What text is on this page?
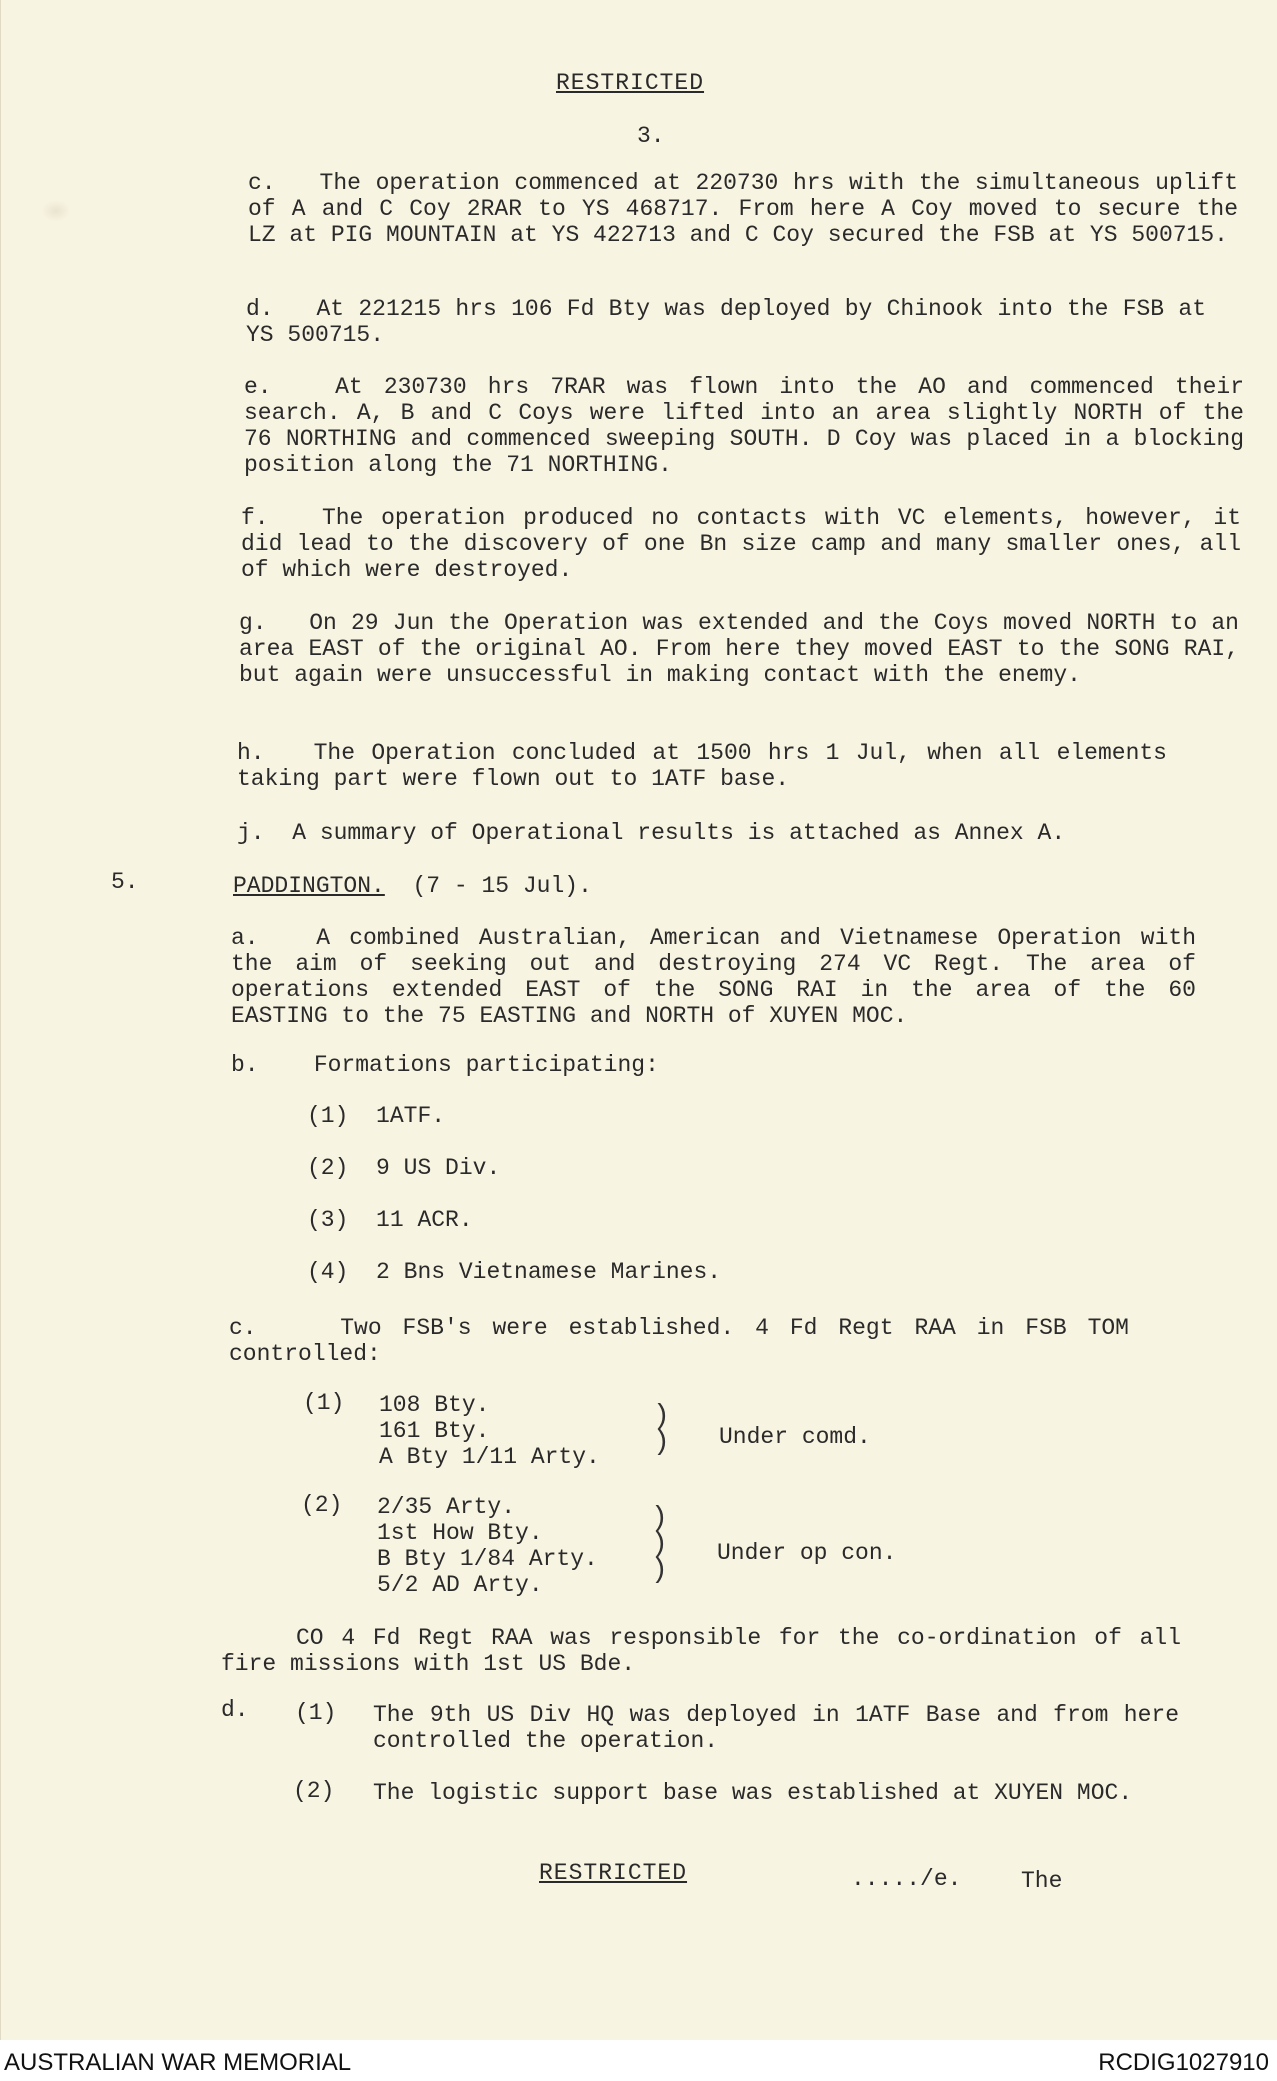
RESTRICTED
3.
c. The operation commenced at 220730 hrs with the simultaneous uplift of A and C Coy 2RAR to YS 468717. From here A Coy moved to secure the LZ at PIG MOUNTAIN at YS 422713 and C Coy secured the FSB at YS 500715.
d. At 221215 hrs 106 Fd Bty was deployed by Chinook into the FSB at YS 500715.
e.	At 230730 hrs 7RAR was flown into the AO and commenced their search. A, B and C Coys were lifted into an area slightly NORTH of the 76 NORTHING and commenced sweeping SOUTH. D Coy was placed in a blocking position along the 71 NORTHING.
f. The operation produced no contacts with VC elements, however, it did lead to the discovery of one Bn size camp and many smaller ones, all of which were destroyed.
g. On 29 Jun the Operation was extended and the Coys moved NORTH to an area EAST of the original AO. From here they moved EAST to the SONG RAI, but again were unsuccessful in making contact with the enemy.
h. The Operation concluded at 1500 hrs 1 Jul, when all elements taking part were flown out to 1ATF base.
j. A summary of Operational results is attached as Annex A.
5.	PADDINGTON. (7 - 15 Jul).
a.	A combined Australian, American and Vietnamese Operation with the aim of seeking out and destroying 274 VC Regt. The area of operations extended EAST of the SONG RAI in the area of the 60 EASTING to the 75 EASTING and NORTH of XUYEN MOC.
b. Formations participating:
(1) 1ATF.
(2) 9 US Div.
(3) 11 ACR.
(4) 2 Bns Vietnamese Marines.
c.	Two FSB's were established. 4 Fd Regt RAA in FSB TOM controlled:
(1) 108 Bty.
161 Bty.
A Bty 1/11 Arty.
)
) Under comd.
(2) 2/35 Arty.
1st How Bty.
B Bty 1/84 Arty.
5/2 AD Arty.
)
)
)
Under op con.
CO 4 Fd Regt RAA was responsible for the co-ordination of all fire missions with 1st US Bde.
d. (1) The 9th US Div HQ was deployed in 1ATF Base and from here controlled the operation.
(2) The logistic support base was established at XUYEN MOC.
RESTRICTED	...../e.	The
AUSTRALIAN WAR MEMORIAL	RCDIG1027910
